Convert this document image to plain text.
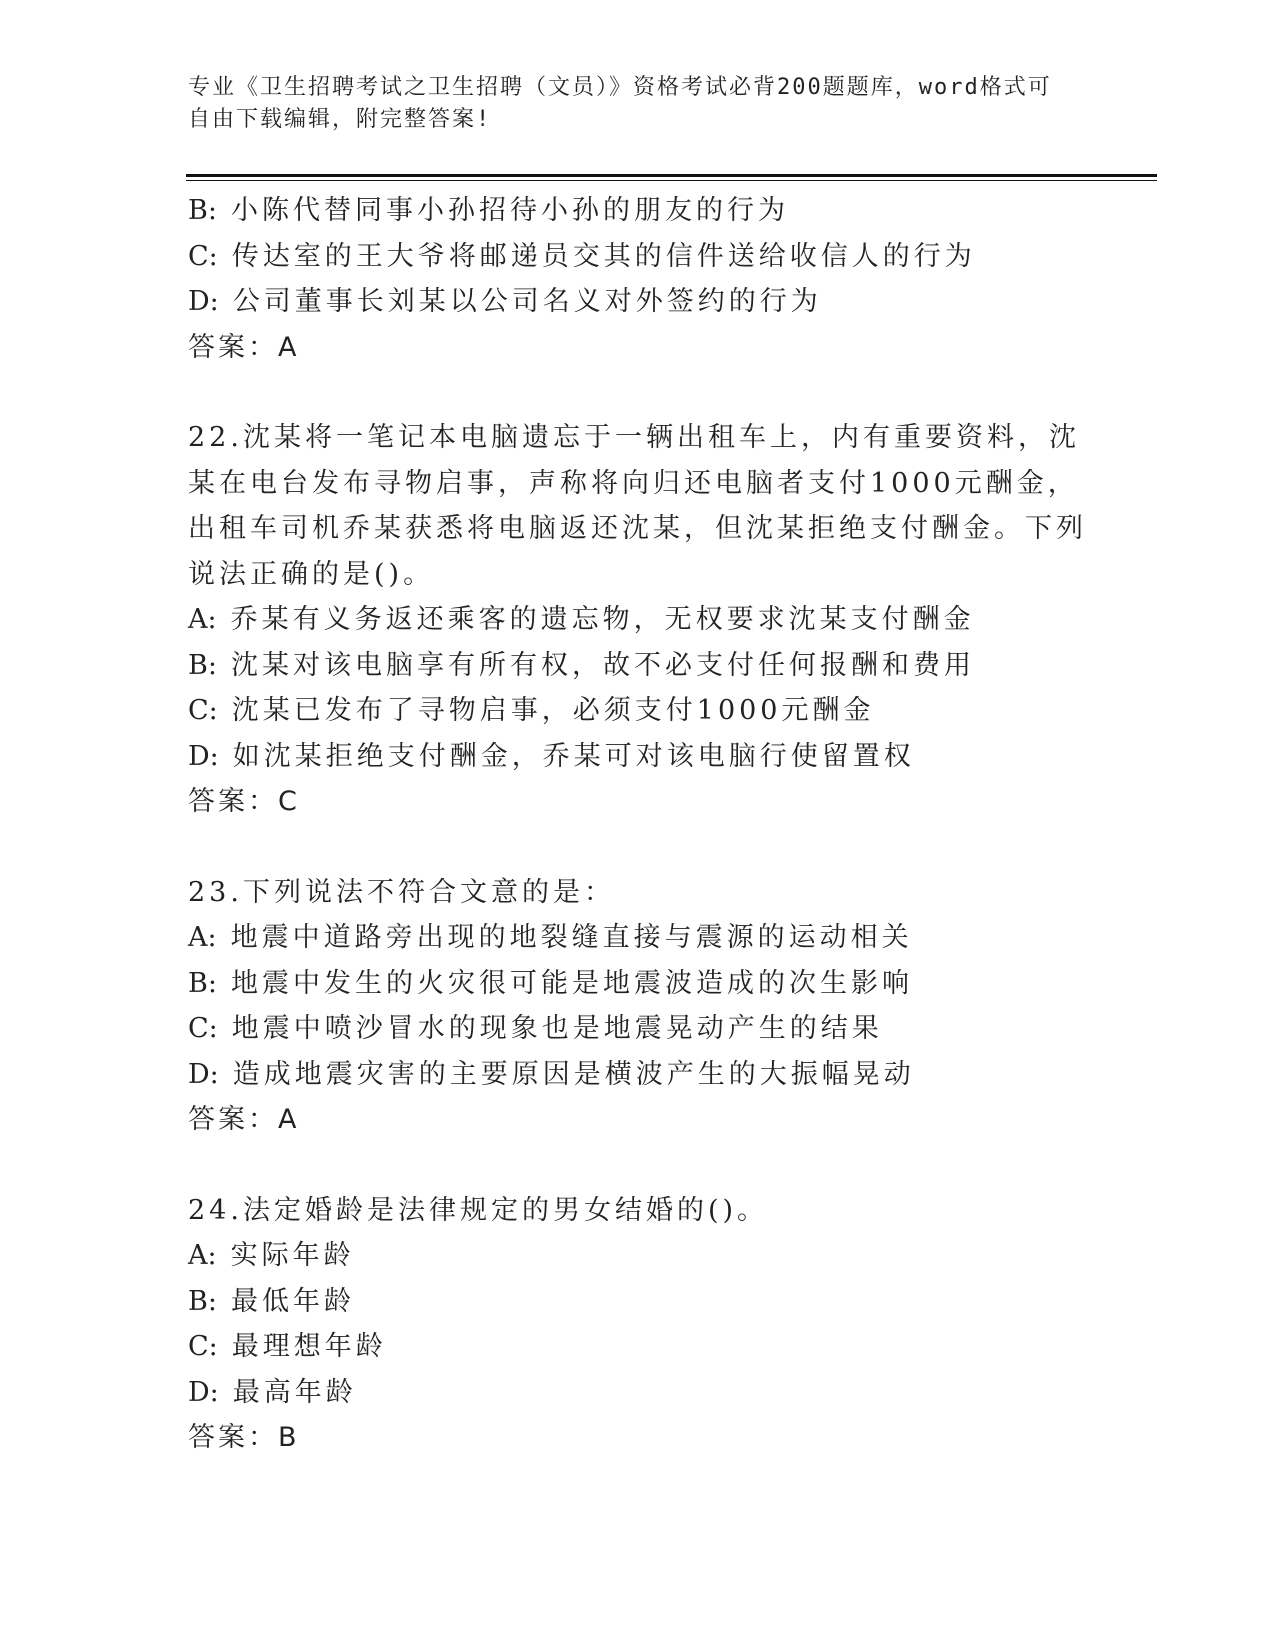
专业《卫生招聘考试之卫生招聘（文员）》资格考试必背200题题库，word格式可自由下载编辑，附完整答案!
B: 小陈代替同事小孙招待小孙的朋友的行为
C: 传达室的王大爷将邮递员交其的信件送给收信人的行为
D: 公司董事长刘某以公司名义对外签约的行为
答案：A
22.沈某将一笔记本电脑遗忘于一辆出租车上，内有重要资料，沈某在电台发布寻物启事，声称将向归还电脑者支付1000元酬金，出租车司机乔某获悉将电脑返还沈某，但沈某拒绝支付酬金。下列说法正确的是()。
A: 乔某有义务返还乘客的遗忘物，无权要求沈某支付酬金
B: 沈某对该电脑享有所有权，故不必支付任何报酬和费用
C: 沈某已发布了寻物启事，必须支付1000元酬金
D: 如沈某拒绝支付酬金，乔某可对该电脑行使留置权
答案：C
23.下列说法不符合文意的是：
A: 地震中道路旁出现的地裂缝直接与震源的运动相关
B: 地震中发生的火灾很可能是地震波造成的次生影响
C: 地震中喷沙冒水的现象也是地震晃动产生的结果
D: 造成地震灾害的主要原因是横波产生的大振幅晃动
答案：A
24.法定婚龄是法律规定的男女结婚的()。
A: 实际年龄
B: 最低年龄
C: 最理想年龄
D: 最高年龄
答案：B
